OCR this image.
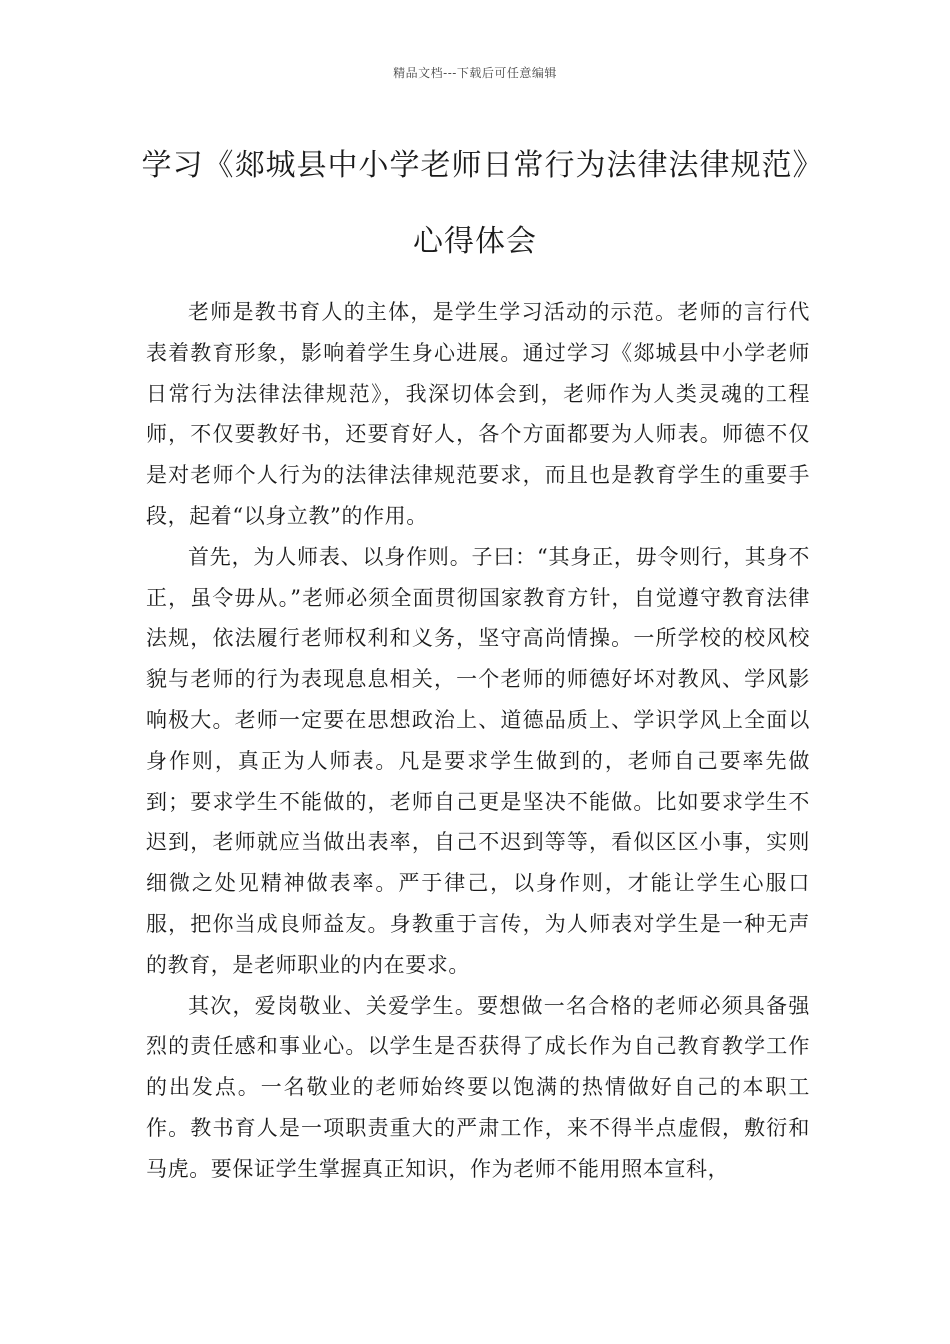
精品文档---下载后可任意编辑
学习《郯城县中小学老师日常行为法律法律规范》心得体会

老师是教书育人的主体，是学生学习活动的示范。老师的言行代表着教育形象，影响着学生身心进展。通过学习《郯城县中小学老师日常行为法律法律规范》，我深切体会到，老师作为人类灵魂的工程师，不仅要教好书，还要育好人，各个方面都要为人师表。师德不仅是对老师个人行为的法律法律规范要求，而且也是教育学生的重要手段，起着“以身立教”的作用。

首先，为人师表、以身作则。子曰：“其身正，毋令则行，其身不正，虽令毋从。”老师必须全面贯彻国家教育方针，自觉遵守教育法律法规，依法履行老师权利和义务，坚守高尚情操。一所学校的校风校貌与老师的行为表现息息相关，一个老师的师德好坏对教风、学风影响极大。老师一定要在思想政治上、道德品质上、学识学风上全面以身作则，真正为人师表。凡是要求学生做到的，老师自己要率先做到；要求学生不能做的，老师自己更是坚决不能做。比如要求学生不迟到，老师就应当做出表率，自己不迟到等等，看似区区小事，实则细微之处见精神做表率。严于律己，以身作则，才能让学生心服口服，把你当成良师益友。身教重于言传，为人师表对学生是一种无声的教育，是老师职业的内在要求。

其次，爱岗敬业、关爱学生。要想做一名合格的老师必须具备强烈的责任感和事业心。以学生是否获得了成长作为自己教育教学工作的出发点。一名敬业的老师始终要以饱满的热情做好自己的本职工作。教书育人是一项职责重大的严肃工作，来不得半点虚假，敷衍和马虎。要保证学生掌握真正知识，作为老师不能用照本宣科，
